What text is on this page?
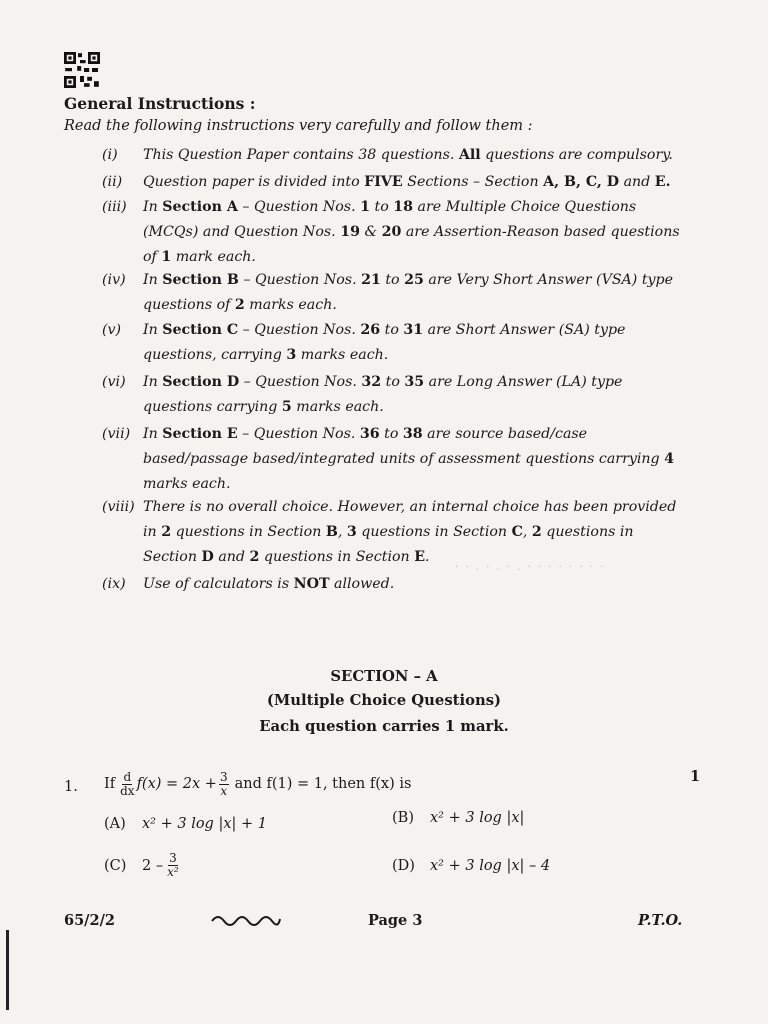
General Instructions :
Read the following instructions very carefully and follow them :
(i) This Question Paper contains 38 questions. All questions are compulsory.
(ii) Question paper is divided into FIVE Sections – Section A, B, C, D and E.
(iii) In Section A – Question Nos. 1 to 18 are Multiple Choice Questions (MCQs) and Question Nos. 19 & 20 are Assertion-Reason based questions of 1 mark each.
(iv) In Section B – Question Nos. 21 to 25 are Very Short Answer (VSA) type questions of 2 marks each.
(v) In Section C – Question Nos. 26 to 31 are Short Answer (SA) type questions, carrying 3 marks each.
(vi) In Section D – Question Nos. 32 to 35 are Long Answer (LA) type questions carrying 5 marks each.
(vii) In Section E – Question Nos. 36 to 38 are source based/case based/passage based/integrated units of assessment questions carrying 4 marks each.
(viii) There is no overall choice. However, an internal choice has been provided in 2 questions in Section B, 3 questions in Section C, 2 questions in Section D and 2 questions in Section E.
(ix) Use of calculators is NOT allowed.
· · . · . · . · · · · · · · ·
SECTION – A
(Multiple Choice Questions)
Each question carries 1 mark.
1. If $\frac{d}{dx} f(x) = 2x + \frac{3}{x}$ and f(1) = 1, then f(x) is	1
(A) x² + 3 log |x| + 1	(B) x² + 3 log |x|
(C)	$2 - \frac{3}{\text{x²}}$	(D) x² + 3 log |x| – 4
65/2/2	Page 3	P.T.O.
